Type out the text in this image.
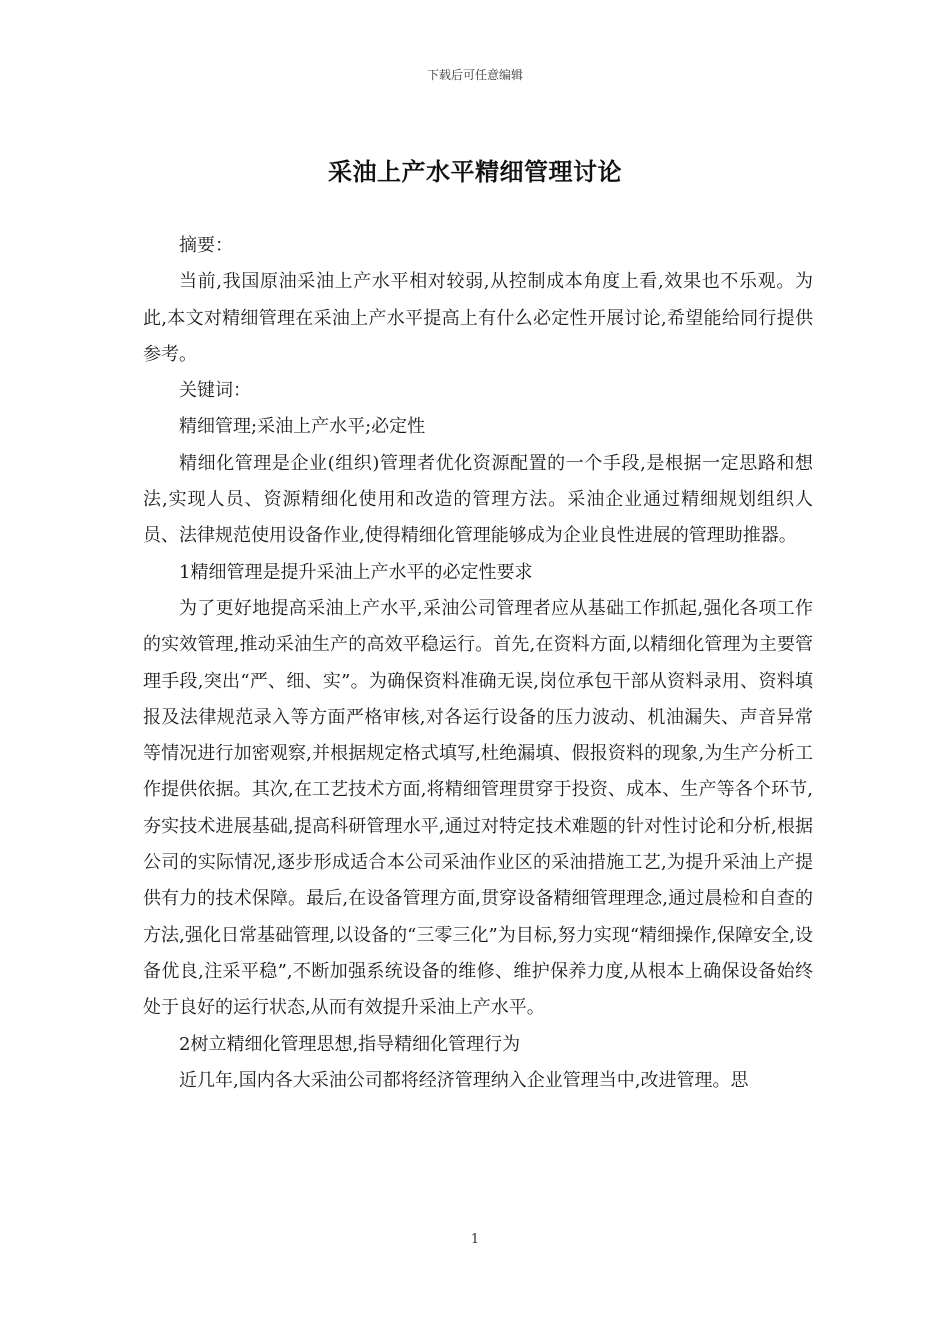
下载后可任意编辑
采油上产水平精细管理讨论

摘要：

当前,我国原油采油上产水平相对较弱,从控制成本角度上看,效果也不乐观。为此,本文对精细管理在采油上产水平提高上有什么必定性开展讨论,希望能给同行提供参考。

关键词：

精细管理;采油上产水平;必定性

精细化管理是企业(组织)管理者优化资源配置的一个手段,是根据一定思路和想法,实现人员、资源精细化使用和改造的管理方法。采油企业通过精细规划组织人员、法律规范使用设备作业,使得精细化管理能够成为企业良性进展的管理助推器。

1精细管理是提升采油上产水平的必定性要求

为了更好地提高采油上产水平,采油公司管理者应从基础工作抓起,强化各项工作的实效管理,推动采油生产的高效平稳运行。首先,在资料方面,以精细化管理为主要管理手段,突出“严、细、实”。为确保资料准确无误,岗位承包干部从资料录用、资料填报及法律规范录入等方面严格审核,对各运行设备的压力波动、机油漏失、声音异常等情况进行加密观察,并根据规定格式填写,杜绝漏填、假报资料的现象,为生产分析工作提供依据。其次,在工艺技术方面,将精细管理贯穿于投资、成本、生产等各个环节,夯实技术进展基础,提高科研管理水平,通过对特定技术难题的针对性讨论和分析,根据公司的实际情况,逐步形成适合本公司采油作业区的采油措施工艺,为提升采油上产提供有力的技术保障。最后,在设备管理方面,贯穿设备精细管理理念,通过晨检和自查的方法,强化日常基础管理,以设备的“三零三化”为目标,努力实现“精细操作,保障安全,设备优良,注采平稳”,不断加强系统设备的维修、维护保养力度,从根本上确保设备始终处于良好的运行状态,从而有效提升采油上产水平。

2树立精细化管理思想,指导精细化管理行为

近几年,国内各大采油公司都将经济管理纳入企业管理当中,改进管理。思

1
